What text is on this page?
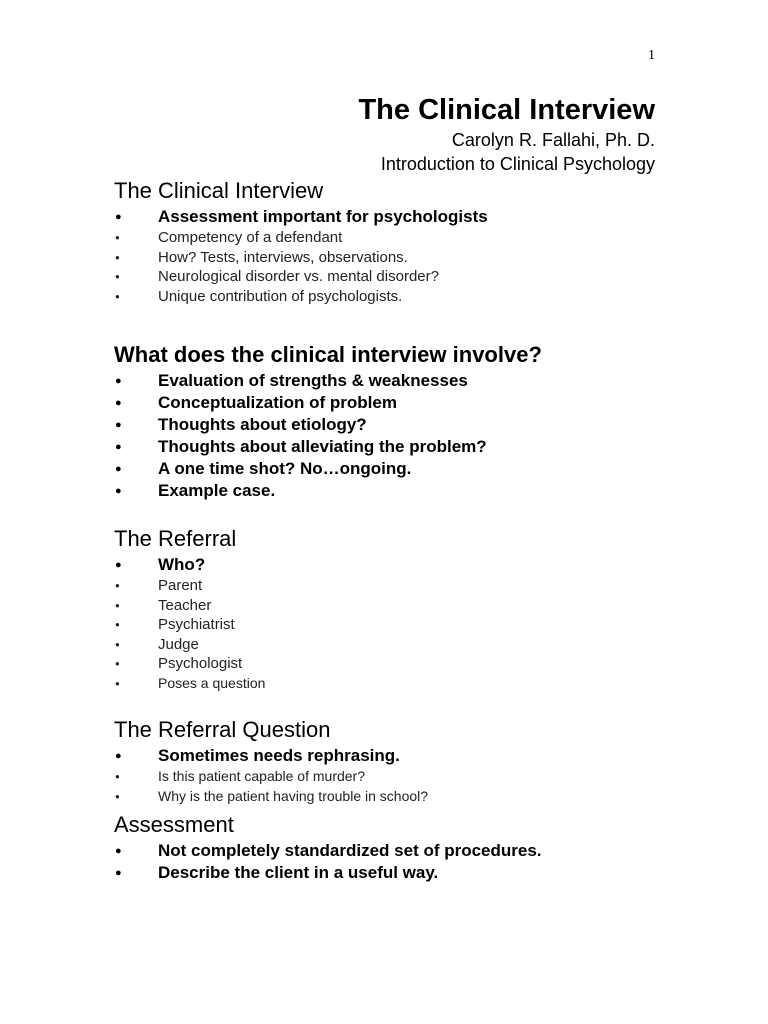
1
The Clinical Interview

Carolyn R. Fallahi, Ph. D.

Introduction to Clinical Psychology

The Clinical Interview
● Assessment important for psychologists
● Competency of a defendant
● How? Tests, interviews, observations.
● Neurological disorder vs. mental disorder?
● Unique contribution of psychologists.
What does the clinical interview involve?
● Evaluation of strengths & weaknesses
● Conceptualization of problem
● Thoughts about etiology?
● Thoughts about alleviating the problem?
● A one time shot? No…ongoing.
● Example case.
The Referral
● Who?
● Parent
● Teacher
● Psychiatrist
● Judge
● Psychologist
● Poses a question
The Referral Question
● Sometimes needs rephrasing.
● Is this patient capable of murder?
● Why is the patient having trouble in school?
Assessment
● Not completely standardized set of procedures.
● Describe the client in a useful way.
